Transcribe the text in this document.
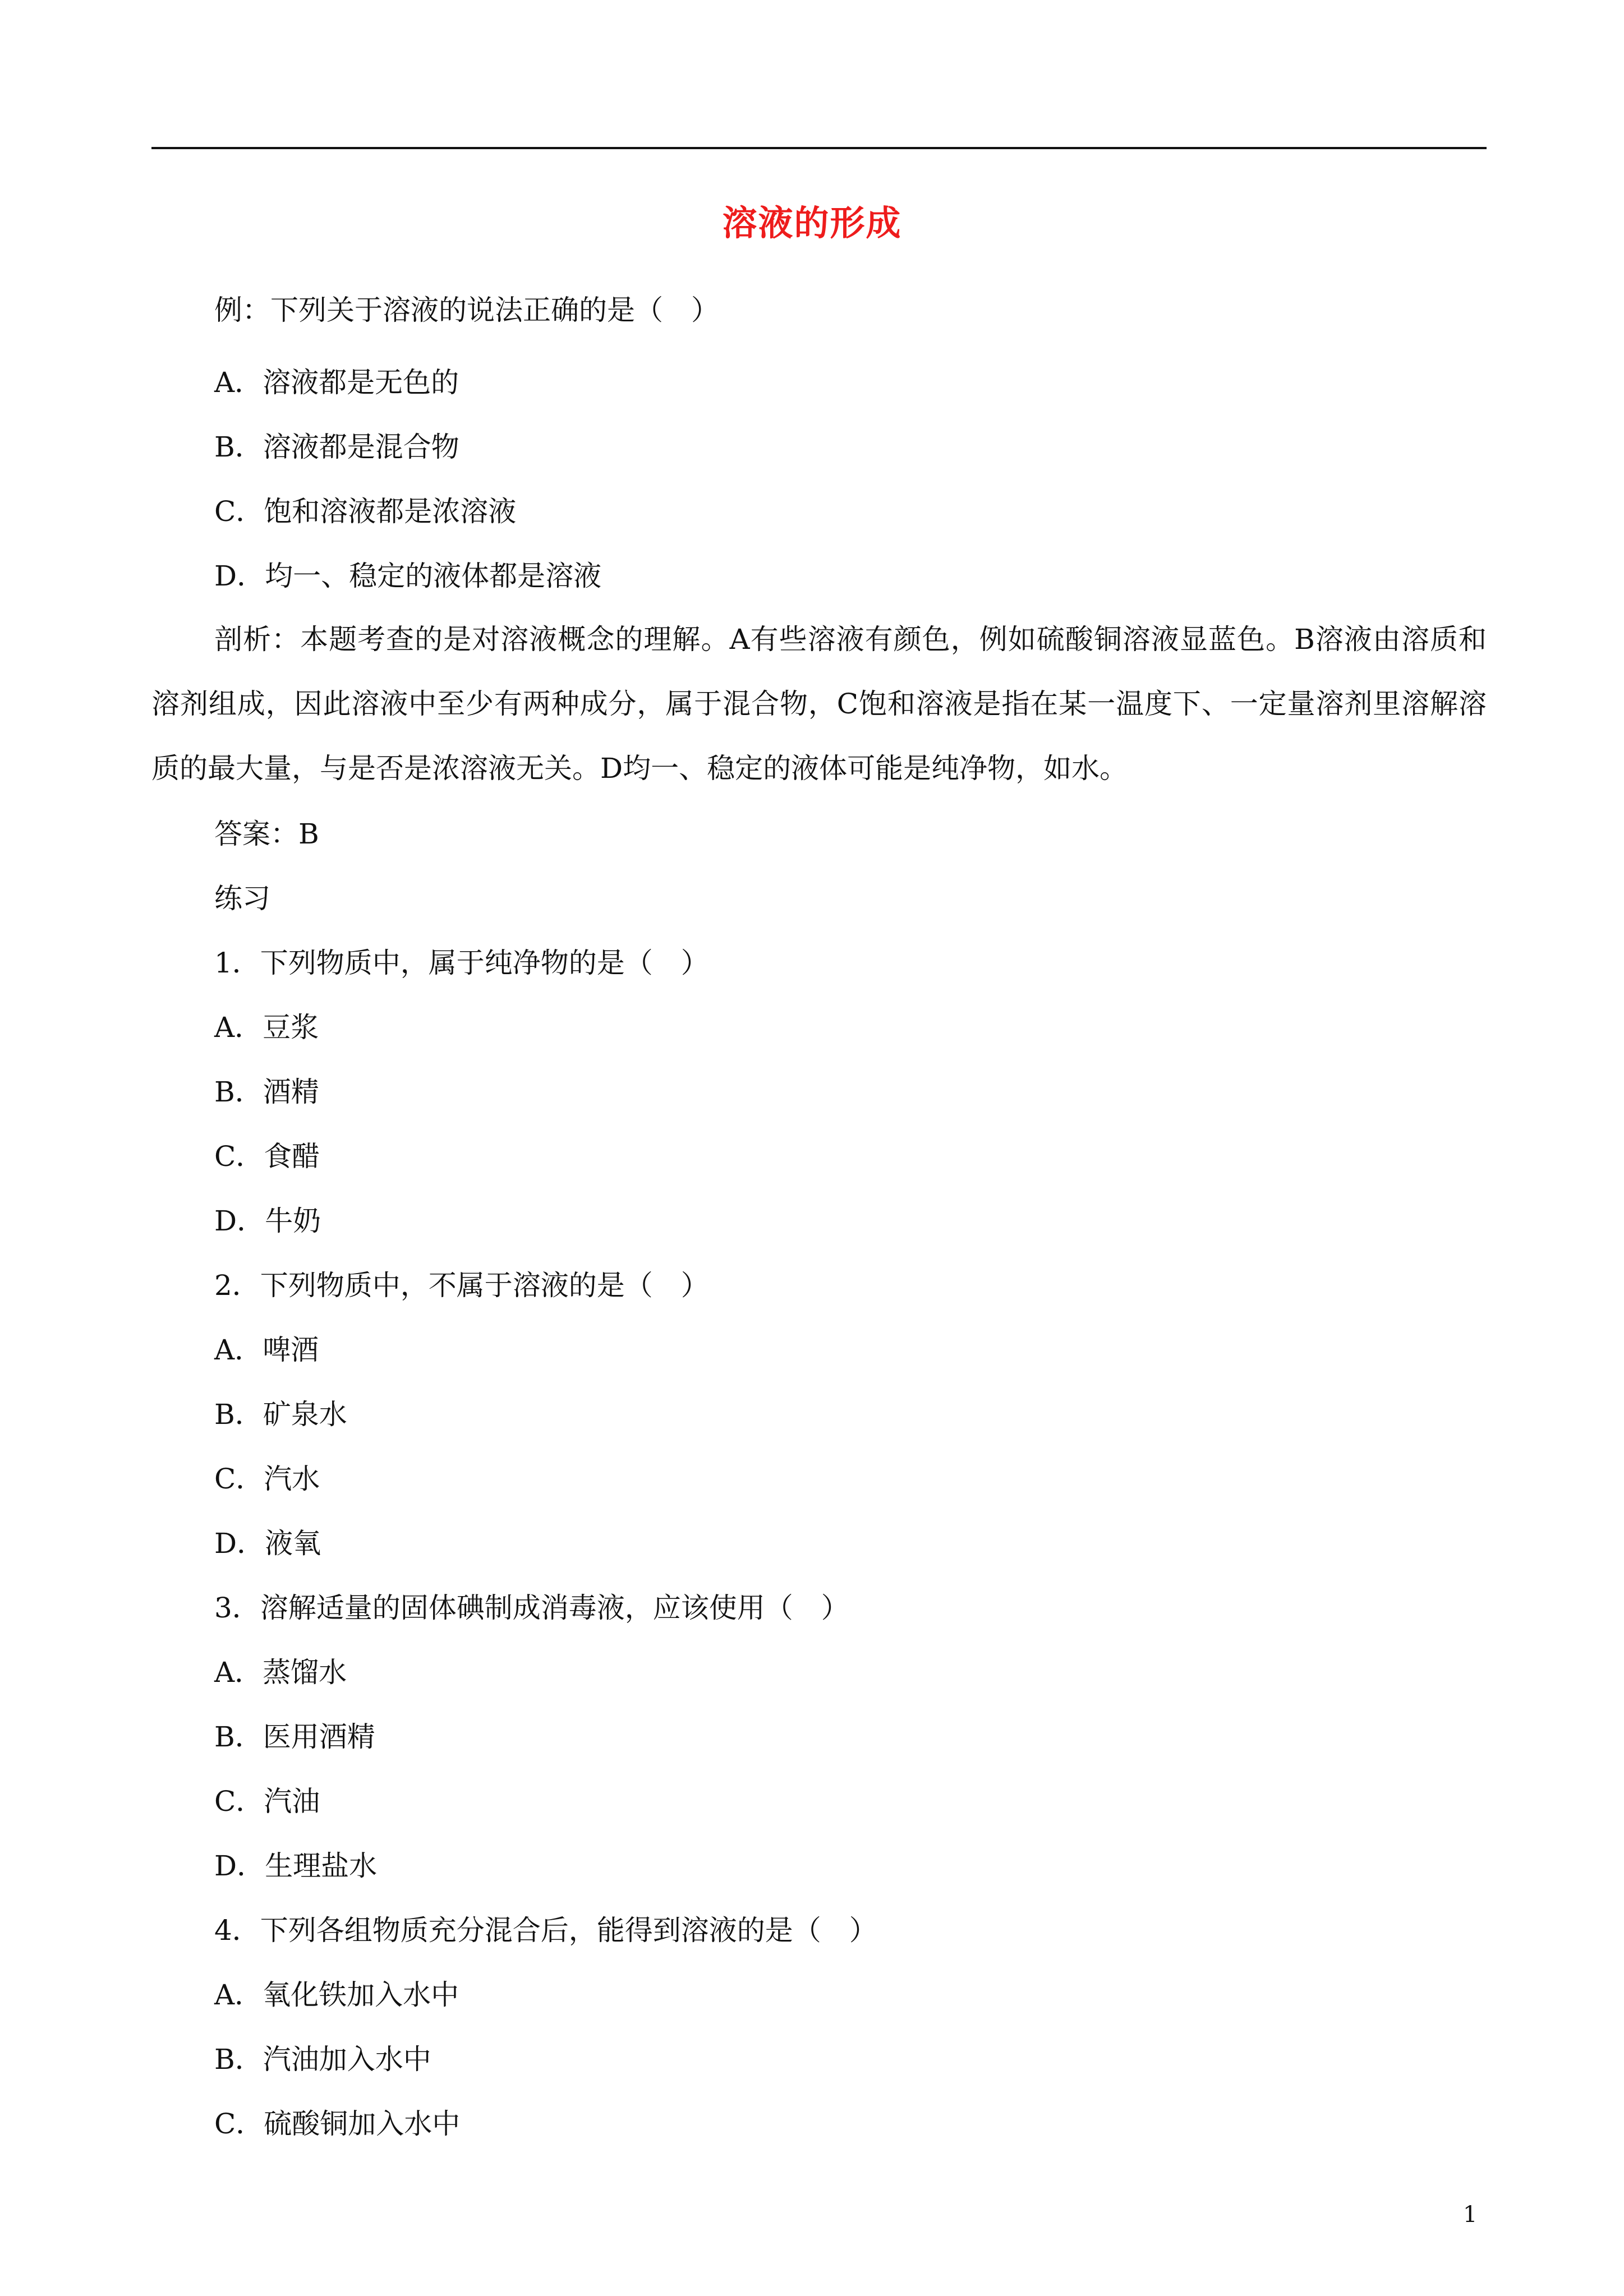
溶液的形成
例：下列关于溶液的说法正确的是（　）
A．溶液都是无色的
B．溶液都是混合物
C．饱和溶液都是浓溶液
D．均一、稳定的液体都是溶液
剖析：本题考查的是对溶液概念的理解。A有些溶液有颜色，例如硫酸铜溶液显蓝色。B溶液由溶质和溶剂组成，因此溶液中至少有两种成分，属于混合物，C饱和溶液是指在某一温度下、一定量溶剂里溶解溶质的最大量，与是否是浓溶液无关。D均一、稳定的液体可能是纯净物，如水。
答案：B
练习
1．下列物质中，属于纯净物的是（　）
A．豆浆
B．酒精
C．食醋
D．牛奶
2．下列物质中，不属于溶液的是（　）
A．啤酒
B．矿泉水
C．汽水
D．液氧
3．溶解适量的固体碘制成消毒液，应该使用（　）
A．蒸馏水
B．医用酒精
C．汽油
D．生理盐水
4．下列各组物质充分混合后，能得到溶液的是（　）
A．氧化铁加入水中
B．汽油加入水中
C．硫酸铜加入水中
1
